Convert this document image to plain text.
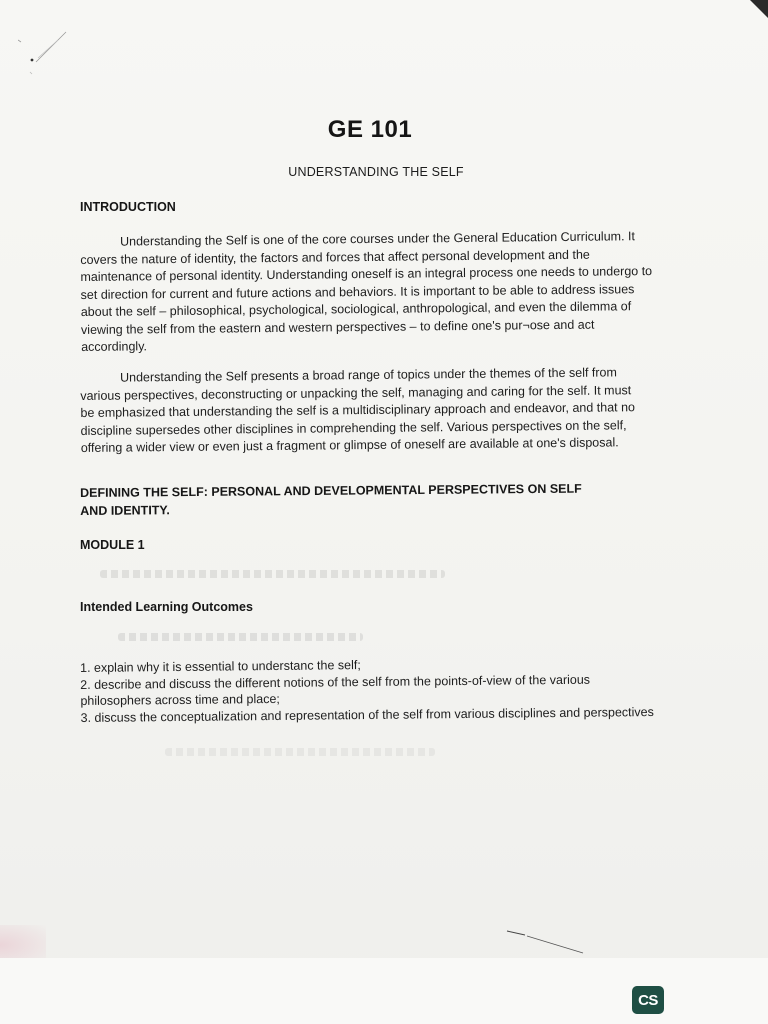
GE 101
UNDERSTANDING THE SELF
INTRODUCTION

Understanding the Self is one of the core courses under the General Education Curriculum. It covers the nature of identity, the factors and forces that affect personal development and the maintenance of personal identity. Understanding oneself is an integral process one needs to undergo to set direction for current and future actions and behaviors. It is important to be able to address issues about the self – philosophical, psychological, sociological, anthropological, and even the dilemma of viewing the self from the eastern and western perspectives – to define one's pur¬ose and act accordingly.

Understanding the Self presents a broad range of topics under the themes of the self from various perspectives, deconstructing or unpacking the self, managing and caring for the self. It must be emphasized that understanding the self is a multidisciplinary approach and endeavor, and that no discipline supersedes other disciplines in comprehending the self. Various perspectives on the self, offering a wider view or even just a fragment or glimpse of oneself are available at one's disposal.

DEFINING THE SELF: PERSONAL AND DEVELOPMENTAL PERSPECTIVES ON SELF
AND IDENTITY.
MODULE 1
Intended Learning Outcomes
1. explain why it is essential to understanc the self;
2. describe and discuss the different notions of the self from the points-of-view of the various philosophers across time and place;
3. discuss the conceptualization and representation of the self from various disciplines and perspectives
CS
